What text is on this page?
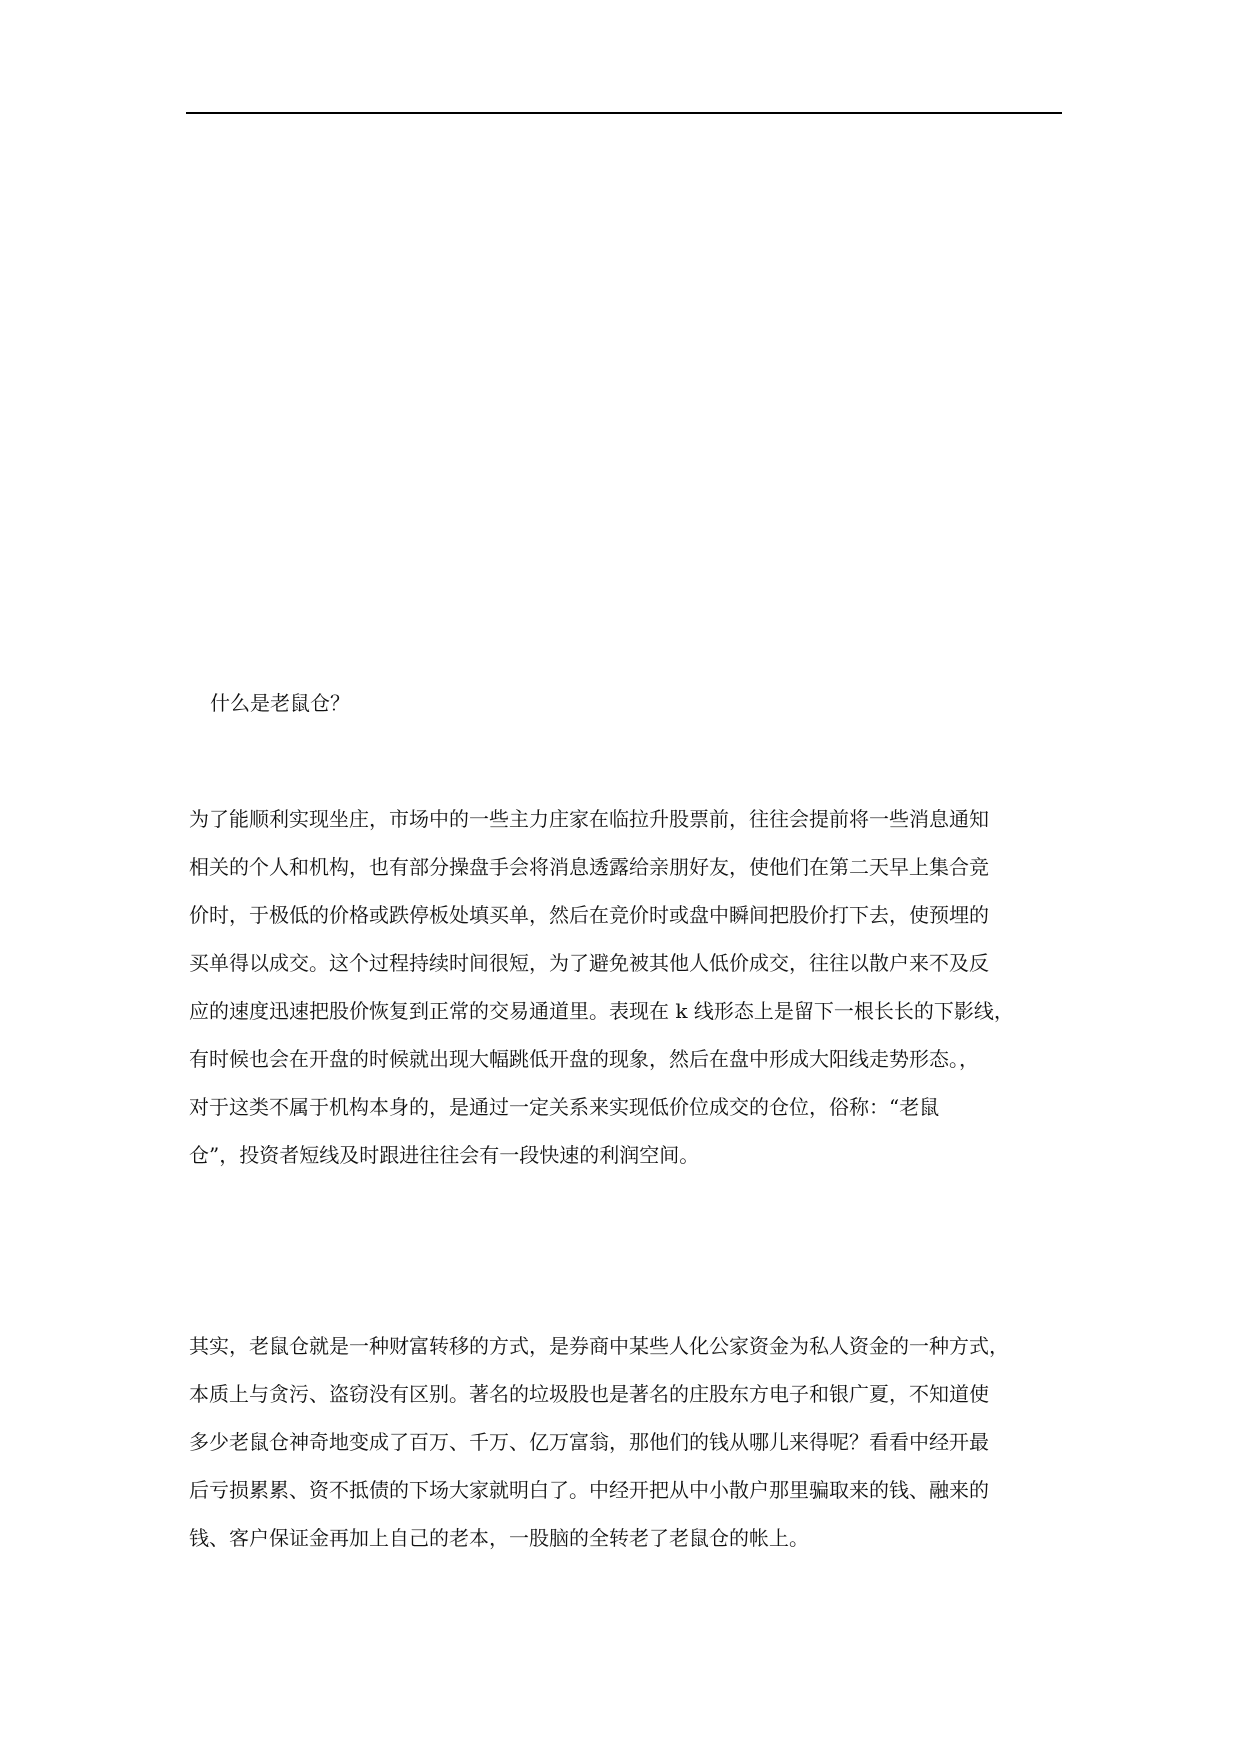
什么是老鼠仓？
为了能顺利实现坐庄，市场中的一些主力庄家在临拉升股票前，往往会提前将一些消息通知
相关的个人和机构，也有部分操盘手会将消息透露给亲朋好友，使他们在第二天早上集合竞
价时，于极低的价格或跌停板处填买单，然后在竞价时或盘中瞬间把股价打下去，使预埋的
买单得以成交。这个过程持续时间很短，为了避免被其他人低价成交，往往以散户来不及反
应的速度迅速把股价恢复到正常的交易通道里。表现在 k 线形态上是留下一根长长的下影线，
有时候也会在开盘的时候就出现大幅跳低开盘的现象，然后在盘中形成大阳线走势形态。，
对于这类不属于机构本身的，是通过一定关系来实现低价位成交的仓位，俗称：“老鼠
仓”，投资者短线及时跟进往往会有一段快速的利润空间。
其实，老鼠仓就是一种财富转移的方式，是券商中某些人化公家资金为私人资金的一种方式，
本质上与贪污、盗窃没有区别。著名的垃圾股也是著名的庄股东方电子和银广夏，不知道使
多少老鼠仓神奇地变成了百万、千万、亿万富翁，那他们的钱从哪儿来得呢？看看中经开最
后亏损累累、资不抵债的下场大家就明白了。中经开把从中小散户那里骗取来的钱、融来的
钱、客户保证金再加上自己的老本，一股脑的全转老了老鼠仓的帐上。
